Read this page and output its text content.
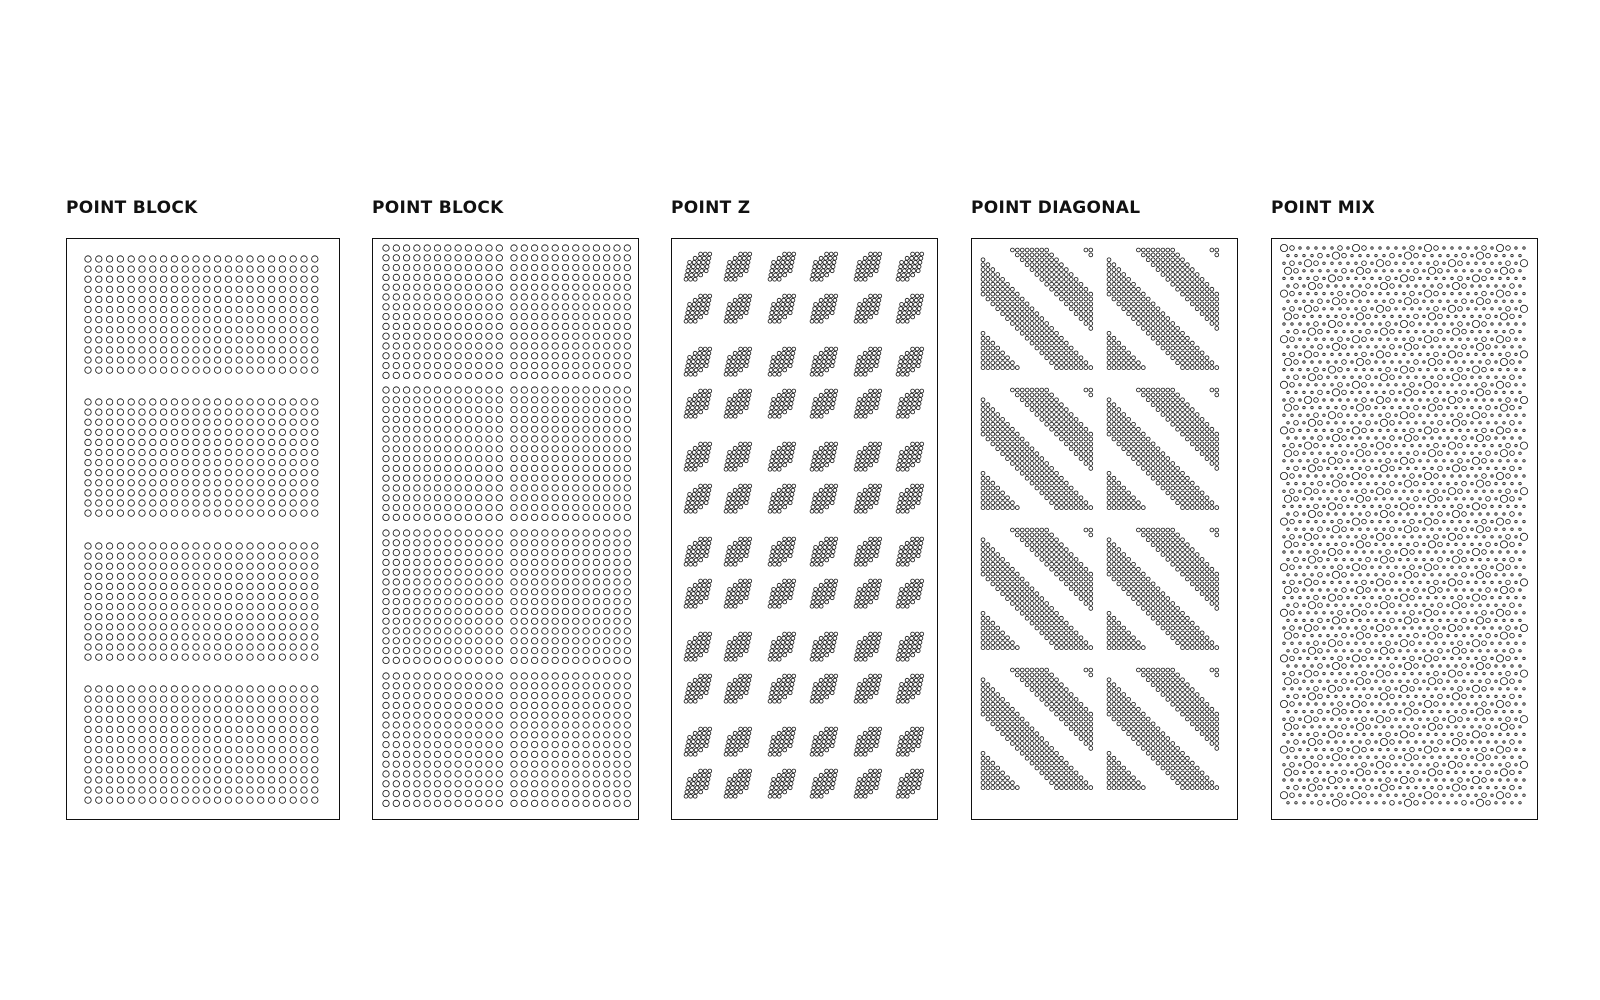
POINT BLOCK	POINT BLOCK	POINT Z	POINT DIAGONAL	POINT MIX
